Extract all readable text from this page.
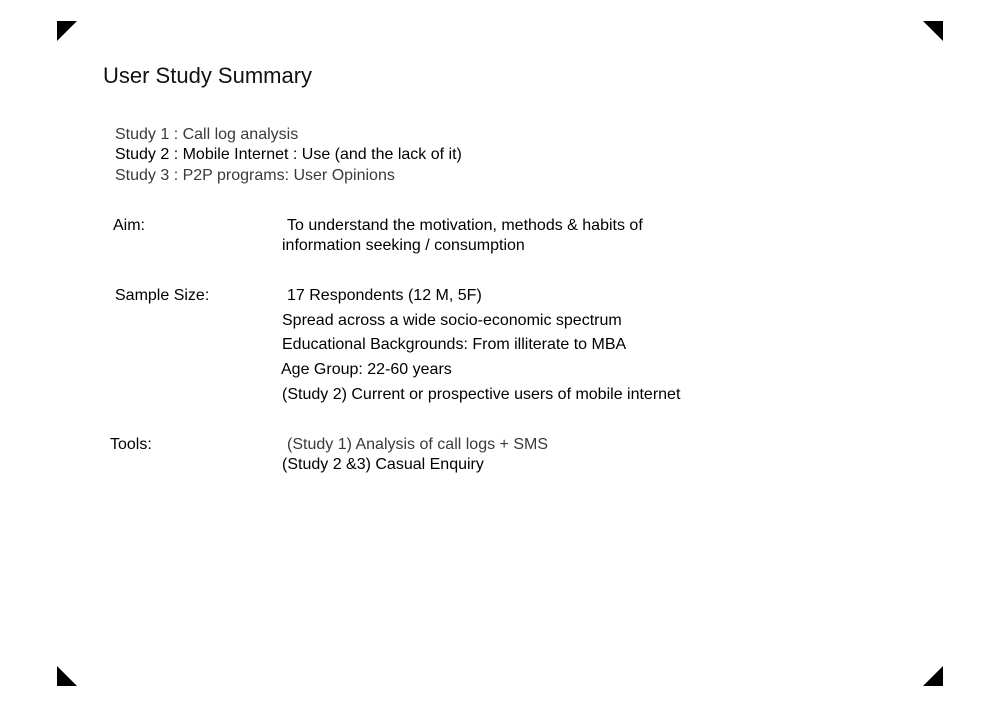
User Study Summary
Study 1 : Call log analysis
Study 2 : Mobile Internet : Use (and the lack of it)
Study 3 : P2P programs: User Opinions
Aim:	To understand the motivation, methods & habits of
information seeking / consumption
Sample Size:	17 Respondents (12 M, 5F)
Spread across a wide socio-economic spectrum
Educational Backgrounds: From illiterate to MBA
Age Group: 22-60 years
(Study 2) Current or prospective users of mobile internet
Tools:	(Study 1) Analysis of call logs + SMS
(Study 2 &3) Casual Enquiry
